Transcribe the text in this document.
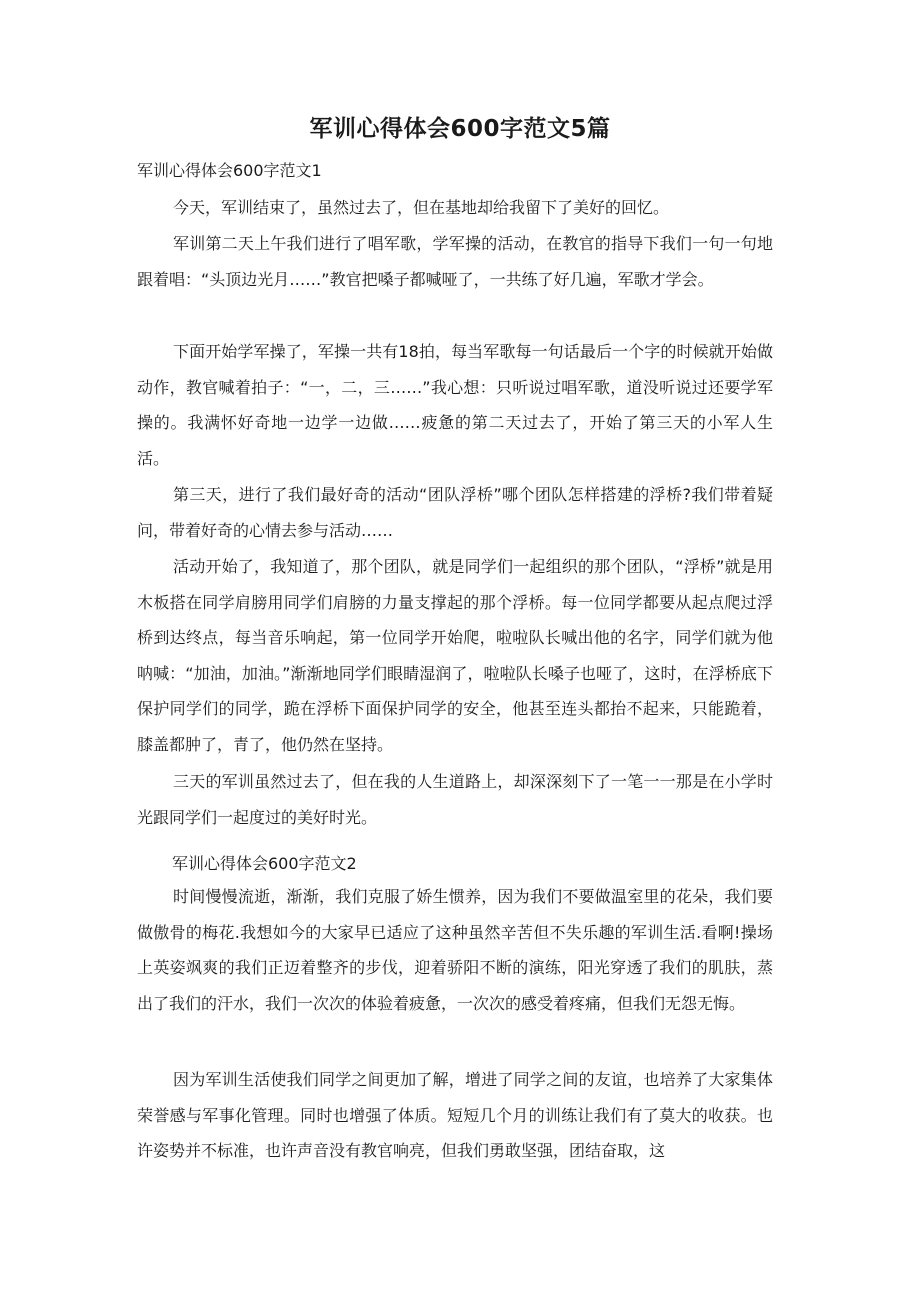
军训心得体会600字范文5篇
军训心得体会600字范文1

今天，军训结束了，虽然过去了，但在基地却给我留下了美好的回忆。

军训第二天上午我们进行了唱军歌，学军操的活动，在教官的指导下我们一句一句地跟着唱：“头顶边光月……”教官把嗓子都喊哑了，一共练了好几遍，军歌才学会。

下面开始学军操了，军操一共有18拍，每当军歌每一句话最后一个字的时候就开始做动作，教官喊着拍子：“一，二，三……”我心想：只听说过唱军歌，道没听说过还要学军操的。我满怀好奇地一边学一边做……疲惫的第二天过去了，开始了第三天的小军人生活。

第三天，进行了我们最好奇的活动“团队浮桥”哪个团队怎样搭建的浮桥?我们带着疑问，带着好奇的心情去参与活动……

活动开始了，我知道了，那个团队，就是同学们一起组织的那个团队，“浮桥”就是用木板搭在同学肩膀用同学们肩膀的力量支撑起的那个浮桥。每一位同学都要从起点爬过浮桥到达终点，每当音乐响起，第一位同学开始爬，啦啦队长喊出他的名字，同学们就为他呐喊：“加油，加油。”渐渐地同学们眼睛湿润了，啦啦队长嗓子也哑了，这时，在浮桥底下保护同学们的同学，跪在浮桥下面保护同学的安全，他甚至连头都抬不起来，只能跪着，膝盖都肿了，青了，他仍然在坚持。

三天的军训虽然过去了，但在我的人生道路上，却深深刻下了一笔一一那是在小学时光跟同学们一起度过的美好时光。

军训心得体会600字范文2

时间慢慢流逝，渐渐，我们克服了娇生惯养，因为我们不要做温室里的花朵，我们要做傲骨的梅花.我想如今的大家早已适应了这种虽然辛苦但不失乐趣的军训生活.看啊!操场上英姿飒爽的我们正迈着整齐的步伐，迎着骄阳不断的演练，阳光穿透了我们的肌肤，蒸出了我们的汗水，我们一次次的体验着疲惫，一次次的感受着疼痛，但我们无怨无悔。

因为军训生活使我们同学之间更加了解，增进了同学之间的友谊，也培养了大家集体荣誉感与军事化管理。同时也增强了体质。短短几个月的训练让我们有了莫大的收获。也许姿势并不标准，也许声音没有教官响亮，但我们勇敢坚强，团结奋取，这
